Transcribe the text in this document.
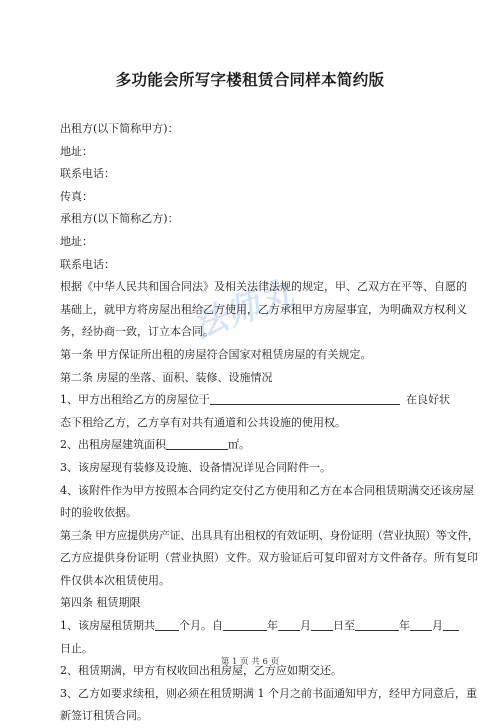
多功能会所写字楼租赁合同样本简约版
法师丸
出租方(以下简称甲方)：
地址：
联系电话：
传真：
承租方(以下简称乙方)：
地址：
联系电话：
根据《中华人民共和国合同法》及相关法律法规的规定，甲、乙双方在平等、自愿的
基础上，就甲方将房屋出租给乙方使用，乙方承租甲方房屋事宜，为明确双方权利义
务，经协商一致，订立本合同。
第一条 甲方保证所出租的房屋符合国家对租赁房屋的有关规定。
第二条 房屋的坐落、面积、装修、设施情况
1、甲方出租给乙方的房屋位于	在良好状
态下租给乙方，乙方享有对共有通道和公共设施的使用权。
2、出租房屋建筑面积	㎡。
3、该房屋现有装修及设施、设备情况详见合同附件一。
4、该附件作为甲方按照本合同约定交付乙方使用和乙方在本合同租赁期满交还该房屋
时的验收依据。
第三条 甲方应提供房产证、出具具有出租权的有效证明、身份证明（营业执照）等文件，
乙方应提供身份证明（营业执照）文件。双方验证后可复印留对方文件备存。所有复印
件仅供本次租赁使用。
第四条 租赁期限
1、该房屋租赁期共 个月。自	年 月 日至	年 月
日止。
2、租赁期满，甲方有权收回出租房屋，乙方应如期交还。
3、乙方如要求续租，则必须在租赁期满 1 个月之前书面通知甲方，经甲方同意后，重
新签订租赁合同。
第 1 页 共 6 页
